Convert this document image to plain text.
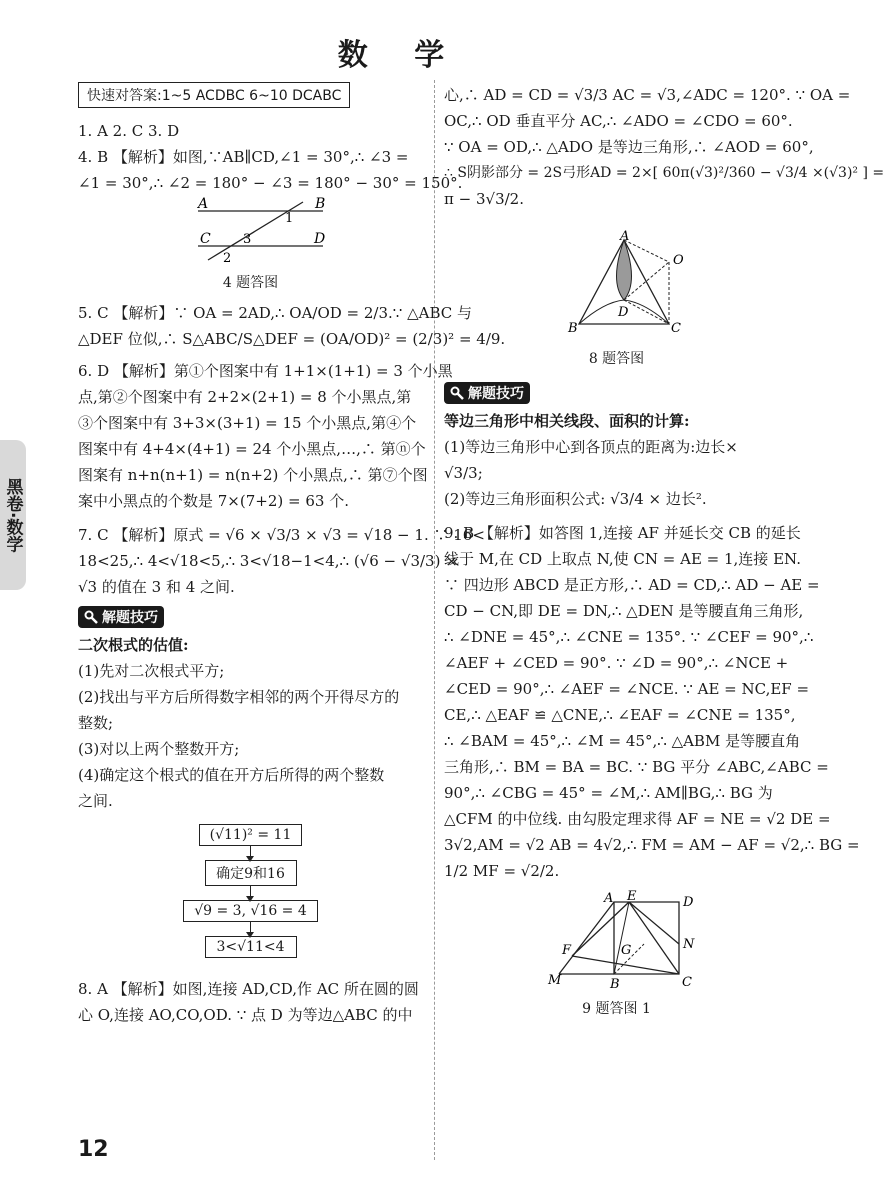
数 学
黑卷·数学
快速对答案:1~5 ACDBC 6~10 DCABC
1. A 2. C 3. D
4. B 【解析】如图,∵AB∥CD,∠1 = 30°,∴ ∠3 =
∠1 = 30°,∴ ∠2 = 180° − ∠3 = 180° − 30° = 150°.
A	B
C	D
1
3
2
4 题答图
5. C 【解析】∵ OA = 2AD,∴ OA/OD = 2/3.∵ △ABC 与
△DEF 位似,∴ S△ABC/S△DEF = (OA/OD)² = (2/3)² = 4/9.
6. D 【解析】第①个图案中有 1+1×(1+1) = 3 个小黑
点,第②个图案中有 2+2×(2+1) = 8 个小黑点,第
③个图案中有 3+3×(3+1) = 15 个小黑点,第④个
图案中有 4+4×(4+1) = 24 个小黑点,…,∴ 第ⓝ个
图案有 n+n(n+1) = n(n+2) 个小黑点,∴ 第⑦个图
案中小黑点的个数是 7×(7+2) = 63 个.
7. C 【解析】原式 = √6 × √3/3 × √3 = √18 − 1. ∵ 16<
18<25,∴ 4<√18<5,∴ 3<√18−1<4,∴ (√6 − √3/3) ×
√3 的值在 3 和 4 之间.
解题技巧
二次根式的估值:
(1)先对二次根式平方;
(2)找出与平方后所得数字相邻的两个开得尽方的
整数;
(3)对以上两个整数开方;
(4)确定这个根式的值在开方后所得的两个整数
之间.
(√11)² = 11
确定9和16
√9 = 3, √16 = 4
3<√11<4
8. A 【解析】如图,连接 AD,CD,作 AC 所在圆的圆
心 O,连接 AO,CO,OD. ∵ 点 D 为等边△ABC 的中
心,∴ AD = CD = √3/3 AC = √3,∠ADC = 120°. ∵ OA =
OC,∴ OD 垂直平分 AC,∴ ∠ADO = ∠CDO = 60°.
∵ OA = OD,∴ △ADO 是等边三角形,∴ ∠AOD = 60°,
∴ S阴影部分 = 2S弓形AD = 2×[ 60π(√3)²/360 − √3/4 ×(√3)² ] =
π − 3√3/2.
A
O
B	C
D
8 题答图
解题技巧
等边三角形中相关线段、面积的计算:
(1)等边三角形中心到各顶点的距离为:边长×
√3/3;
(2)等边三角形面积公式: √3/4 × 边长².
9. B 【解析】如答图 1,连接 AF 并延长交 CB 的延长
线于 M,在 CD 上取点 N,使 CN = AE = 1,连接 EN.
∵ 四边形 ABCD 是正方形,∴ AD = CD,∴ AD − AE =
CD − CN,即 DE = DN,∴ △DEN 是等腰直角三角形,
∴ ∠DNE = 45°,∴ ∠CNE = 135°. ∵ ∠CEF = 90°,∴
∠AEF + ∠CED = 90°. ∵ ∠D = 90°,∴ ∠NCE +
∠CED = 90°,∴ ∠AEF = ∠NCE. ∵ AE = NC,EF =
CE,∴ △EAF ≌ △CNE,∴ ∠EAF = ∠CNE = 135°,
∴ ∠BAM = 45°,∴ ∠M = 45°,∴ △ABM 是等腰直角
三角形,∴ BM = BA = BC. ∵ BG 平分 ∠ABC,∠ABC =
90°,∴ ∠CBG = 45° = ∠M,∴ AM∥BG,∴ BG 为
△CFM 的中位线. 由勾股定理求得 AF = NE = √2 DE =
3√2,AM = √2 AB = 4√2,∴ FM = AM − AF = √2,∴ BG =
1/2 MF = √2/2.
A E	D
F	G	N
M	B	C
9 题答图 1
12
